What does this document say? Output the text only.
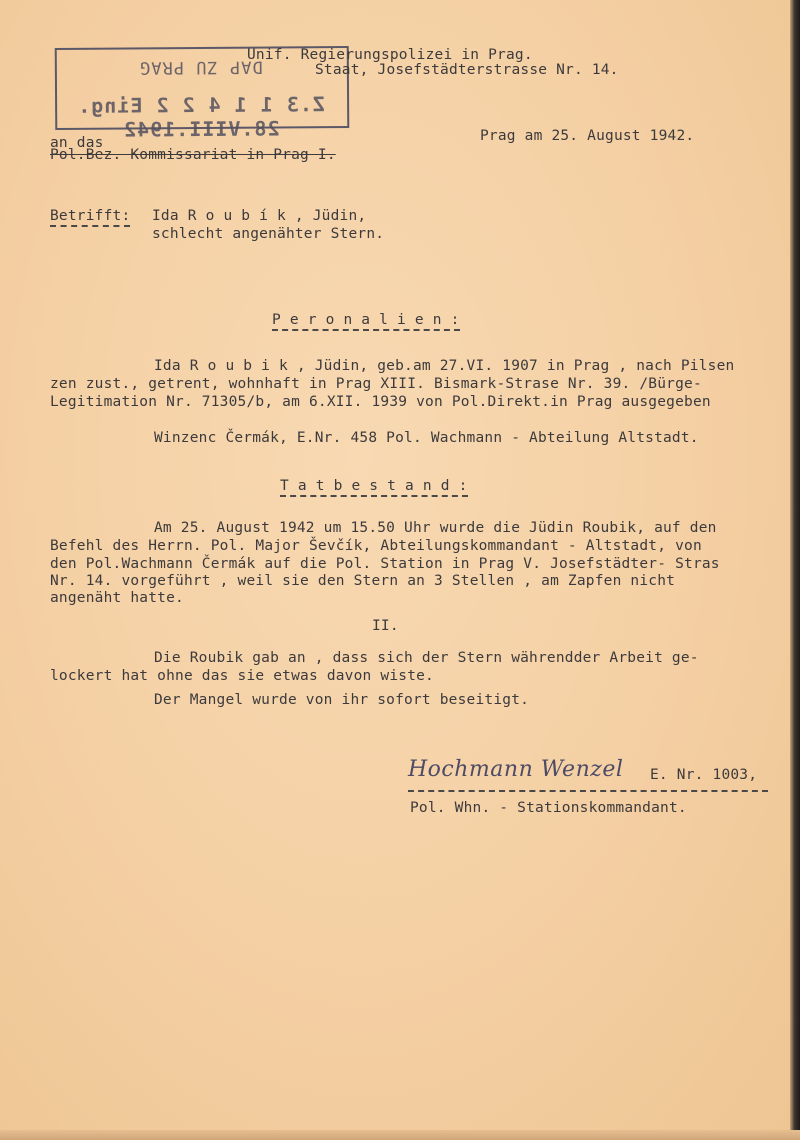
DAP ZU PRAG
Z.3 1 1 4 2 2 Eing. 28.VIII.1942
Unif. Regierungspolizei in Prag.
Staat, Josefstädterstrasse Nr. 14.
Prag am 25. August 1942.
an das
Pol.Bez. Kommissariat in Prag I.
Betrifft: Ida R o u b í k , Jüdin,
schlecht angenähter Stern.
P e r o n a l i e n :
Ida R o u b i k , Jüdin, geb.am 27.VI. 1907 in Prag , nach Pilsen
zen zust., getrent, wohnhaft in Prag XIII. Bismark-Strase Nr. 39. /Bürge-
Legitimation Nr. 71305/b, am 6.XII. 1939 von Pol.Direkt.in Prag ausgegeben
Winzenc Čermák, E.Nr. 458 Pol. Wachmann - Abteilung Altstadt.
T a t b e s t a n d :
Am 25. August 1942 um 15.50 Uhr wurde die Jüdin Roubik, auf den
Befehl des Herrn. Pol. Major Ševčík, Abteilungskommandant - Altstadt, von
den Pol.Wachmann Čermák auf die Pol. Station in Prag V. Josefstädter- Stras
Nr. 14. vorgeführt , weil sie den Stern an 3 Stellen , am Zapfen nicht
angenäht hatte.
II.
Die Roubik gab an , dass sich der Stern währendder Arbeit ge-
lockert hat ohne das sie etwas davon wiste.
Der Mangel wurde von ihr sofort beseitigt.
Hochmann Wenzel E. Nr. 1003,
Pol. Whn. - Stationskommandant.
